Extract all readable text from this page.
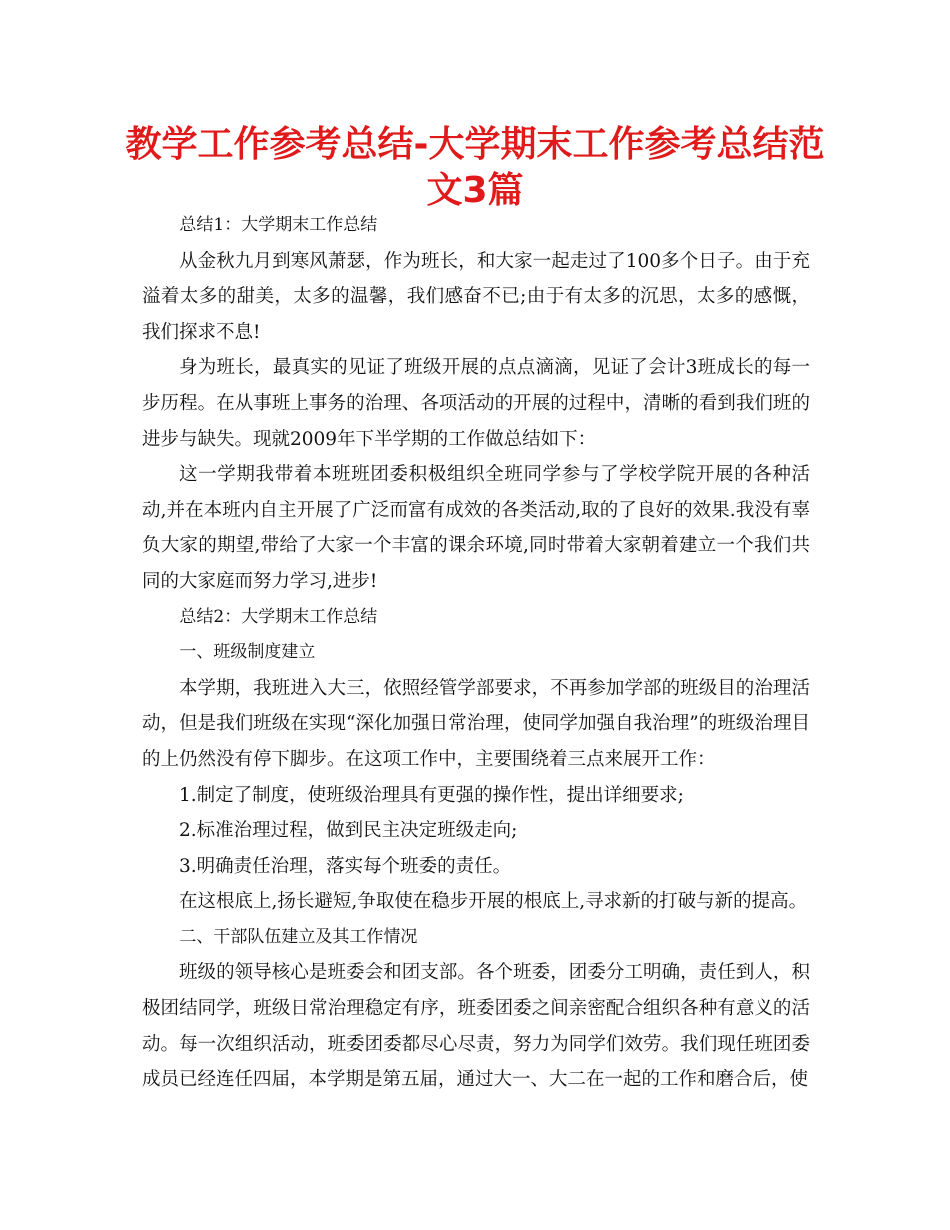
教学工作参考总结-大学期末工作参考总结范文3篇

总结1：大学期末工作总结

从金秋九月到寒风萧瑟，作为班长，和大家一起走过了100多个日子。由于充溢着太多的甜美，太多的温馨，我们感奋不已;由于有太多的沉思，太多的感慨，我们探求不息!

身为班长，最真实的见证了班级开展的点点滴滴，见证了会计3班成长的每一步历程。在从事班上事务的治理、各项活动的开展的过程中，清晰的看到我们班的进步与缺失。现就2009年下半学期的工作做总结如下：

这一学期我带着本班班团委积极组织全班同学参与了学校学院开展的各种活动,并在本班内自主开展了广泛而富有成效的各类活动,取的了良好的效果.我没有辜负大家的期望,带给了大家一个丰富的课余环境,同时带着大家朝着建立一个我们共同的大家庭而努力学习,进步!

总结2：大学期末工作总结

一、班级制度建立

本学期，我班进入大三，依照经管学部要求，不再参加学部的班级目的治理活动，但是我们班级在实现“深化加强日常治理，使同学加强自我治理”的班级治理目的上仍然没有停下脚步。在这项工作中，主要围绕着三点来展开工作：

1.制定了制度，使班级治理具有更强的操作性，提出详细要求;

2.标准治理过程，做到民主决定班级走向;

3.明确责任治理，落实每个班委的责任。

在这根底上,扬长避短,争取使在稳步开展的根底上,寻求新的打破与新的提高。

二、干部队伍建立及其工作情况

班级的领导核心是班委会和团支部。各个班委，团委分工明确，责任到人，积极团结同学，班级日常治理稳定有序，班委团委之间亲密配合组织各种有意义的活动。每一次组织活动，班委团委都尽心尽责，努力为同学们效劳。我们现任班团委成员已经连任四届，本学期是第五届，通过大一、大二在一起的工作和磨合后，使
